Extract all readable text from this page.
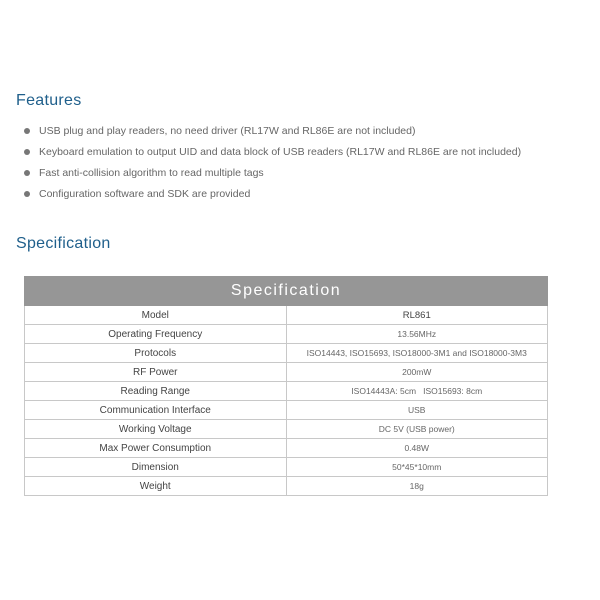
Features
USB plug and play readers, no need driver (RL17W and RL86E are not included)
Keyboard emulation to output UID and data block of USB readers (RL17W and RL86E are not included)
Fast anti-collision algorithm to read multiple tags
Configuration software and SDK are provided
Specification
Specification	
Model	RL861
Operating Frequency	13.56MHz
Protocols	ISO14443, ISO15693, ISO18000-3M1 and ISO18000-3M3
RF Power	200mW
Reading Range	ISO14443A: 5cm   ISO15693: 8cm
Communication Interface	USB
Working Voltage	DC 5V (USB power)
Max Power Consumption	0.48W
Dimension	50*45*10mm
Weight	18g
